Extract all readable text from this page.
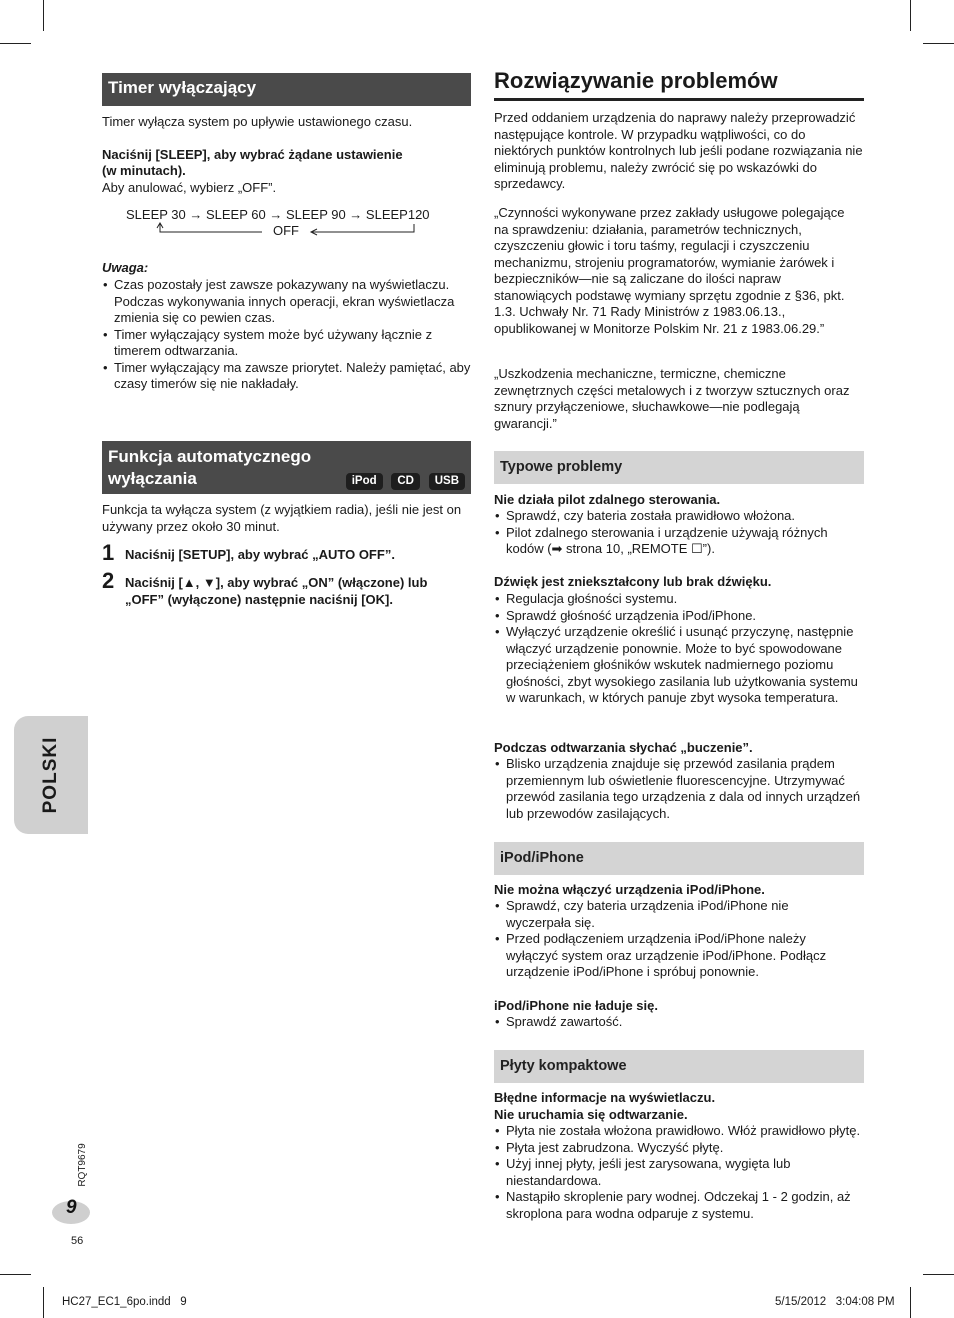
Timer wyłączający

Timer wyłącza system po upływie ustawionego czasu.

Naciśnij [SLEEP], aby wybrać żądane ustawienie

(w minutach).

Aby anulować, wybierz „OFF”.

SLEEP 30 → SLEEP 60 → SLEEP 90 → SLEEP120
OFF

Uwaga:

• Czas pozostały jest zawsze pokazywany na wyświetlaczu. Podczas wykonywania innych operacji, ekran wyświetlacza zmienia się co pewien czas.
• Timer wyłączający system może być używany łącznie z timerem odtwarzania.
• Timer wyłączający ma zawsze priorytet. Należy pamiętać, aby czasy timerów się nie nakładały.
Funkcja automatycznego
wyłączania	iPod CD USB

Funkcja ta wyłącza system (z wyjątkiem radia), jeśli nie jest on używany przez około 30 minut.

1 Naciśnij [SETUP], aby wybrać „AUTO OFF”.

2 Naciśnij [▲, ▼], aby wybrać „ON” (włączone) lub „OFF” (wyłączone) następnie naciśnij [OK].

POLSKI
RQT9679
9
56
Rozwiązywanie problemów

Przed oddaniem urządzenia do naprawy należy przeprowadzić następujące kontrole. W przypadku wątpliwości, co do niektórych punktów kontrolnych lub jeśli podane rozwiązania nie eliminują problemu, należy zwrócić się po wskazówki do sprzedawcy.

„Czynności wykonywane przez zakłady usługowe polegające na sprawdzeniu: działania, parametrów technicznych, czyszczeniu głowic i toru taśmy, regulacji i czyszczeniu mechanizmu, strojeniu programatorów, wymianie żarówek i bezpieczników—nie są zaliczane do ilości napraw stanowiących podstawę wymiany sprzętu zgodnie z §36, pkt. 1.3. Uchwały Nr. 71 Rady Ministrów z 1983.06.13., opublikowanej w Monitorze Polskim Nr. 21 z 1983.06.29.”

„Uszkodzenia mechaniczne, termiczne, chemiczne zewnętrznych części metalowych i z tworzyw sztucznych oraz sznury przyłączeniowe, słuchawkowe—nie podlegają gwarancji.”

Typowe problemy

Nie działa pilot zdalnego sterowania.

• Sprawdź, czy bateria została prawidłowo włożona.
• Pilot zdalnego sterowania i urządzenie używają różnych kodów (➡ strona 10, „REMOTE ☐”).

Dźwięk jest zniekształcony lub brak dźwięku.

• Regulacja głośności systemu.
• Sprawdź głośność urządzenia iPod/iPhone.
• Wyłączyć urządzenie określić i usunąć przyczynę, następnie włączyć urządzenie ponownie. Może to być spowodowane przeciążeniem głośników wskutek nadmiernego poziomu głośności, zbyt wysokiego zasilania lub użytkowania systemu w warunkach, w których panuje zbyt wysoka temperatura.

Podczas odtwarzania słychać „buczenie”.

• Blisko urządzenia znajduje się przewód zasilania prądem przemiennym lub oświetlenie fluorescencyjne. Utrzymywać przewód zasilania tego urządzenia z dala od innych urządzeń lub przewodów zasilających.
iPod/iPhone

Nie można włączyć urządzenia iPod/iPhone.

• Sprawdź, czy bateria urządzenia iPod/iPhone nie wyczerpała się.
• Przed podłączeniem urządzenia iPod/iPhone należy wyłączyć system oraz urządzenie iPod/iPhone. Podłącz urządzenie iPod/iPhone i spróbuj ponownie.

iPod/iPhone nie ładuje się.

• Sprawdź zawartość.
Płyty kompaktowe

Błędne informacje na wyświetlaczu.

Nie uruchamia się odtwarzanie.

• Płyta nie została włożona prawidłowo. Włóż prawidłowo płytę.
• Płyta jest zabrudzona. Wyczyść płytę.
• Użyj innej płyty, jeśli jest zarysowana, wygięta lub niestandardowa.
• Nastąpiło skroplenie pary wodnej. Odczekaj 1 - 2 godzin, aż skroplona para wodna odparuje z systemu.
HC27_EC1_6po.indd   9	5/15/2012   3:04:08 PM
